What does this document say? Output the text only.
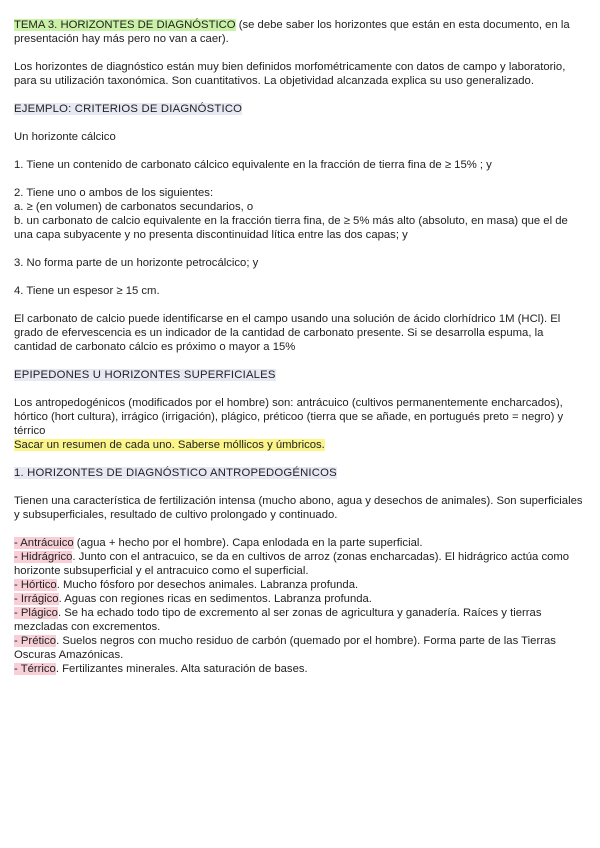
TEMA 3. HORIZONTES DE DIAGNÓSTICO (se debe saber los horizontes que están en esta documento, en la presentación hay más pero no van a caer).

Los horizontes de diagnóstico están muy bien definidos morfométricamente con datos de campo y laboratorio, para su utilización taxonómica. Son cuantitativos. La objetividad alcanzada explica su uso generalizado.

EJEMPLO: CRITERIOS DE DIAGNÓSTICO

Un horizonte cálcico

1. Tiene un contenido de carbonato cálcico equivalente en la fracción de tierra fina de ≥ 15% ; y

2. Tiene uno o ambos de los siguientes:

a. ≥ (en volumen) de carbonatos secundarios, o

b. un carbonato de calcio equivalente en la fracción tierra fina, de ≥ 5% más alto (absoluto, en masa) que el de una capa subyacente y no presenta discontinuidad lítica entre las dos capas; y

3. No forma parte de un horizonte petrocálcico; y

4. Tiene un espesor ≥ 15 cm.

El carbonato de calcio puede identificarse en el campo usando una solución de ácido clorhídrico 1M (HCl). El grado de efervescencia es un indicador de la cantidad de carbonato presente. Si se desarrolla espuma, la cantidad de carbonato cálcio es próximo o mayor a 15%

EPIPEDONES U HORIZONTES SUPERFICIALES

Los antropedogénicos (modificados por el hombre) son: antrácuico (cultivos permanentemente encharcados), hórtico (hort cultura), irrágico (irrigación), plágico, préticoo (tierra que se añade, en portugués preto = negro) y térrico

Sacar un resumen de cada uno. Saberse móllicos y úmbricos.

1. HORIZONTES DE DIAGNÓSTICO ANTROPEDOGÉNICOS

Tienen una característica de fertilización intensa (mucho abono, agua y desechos de animales). Son superficiales y subsuperficiales, resultado de cultivo prolongado y continuado.

- Antrácuico (agua + hecho por el hombre). Capa enlodada en la parte superficial.

- Hidrágrico. Junto con el antracuico, se da en cultivos de arroz (zonas encharcadas). El hidrágrico actúa como horizonte subsuperficial y el antracuico como el superficial.

- Hórtico. Mucho fósforo por desechos animales. Labranza profunda.

- Irrágico. Aguas con regiones ricas en sedimentos. Labranza profunda.

- Plágico. Se ha echado todo tipo de excremento al ser zonas de agricultura y ganadería. Raíces y tierras mezcladas con excrementos.

- Prético. Suelos negros con mucho residuo de carbón (quemado por el hombre). Forma parte de las Tierras Oscuras Amazónicas.

- Térrico. Fertilizantes minerales. Alta saturación de bases.
